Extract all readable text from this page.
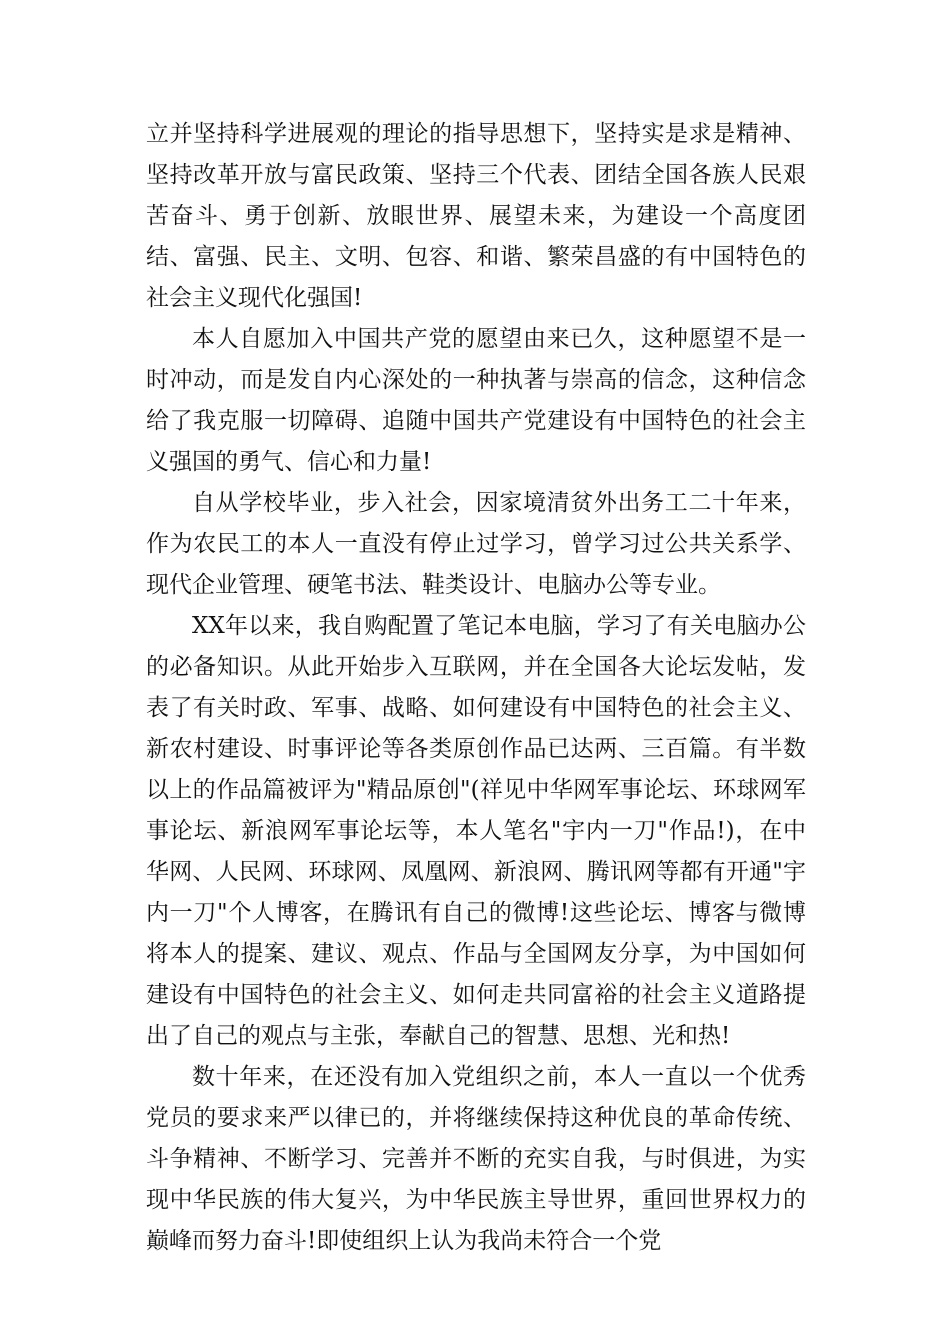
立并坚持科学进展观的理论的指导思想下，坚持实是求是精神、坚持改革开放与富民政策、坚持三个代表、团结全国各族人民艰苦奋斗、勇于创新、放眼世界、展望未来，为建设一个高度团结、富强、民主、文明、包容、和谐、繁荣昌盛的有中国特色的社会主义现代化强国!

本人自愿加入中国共产党的愿望由来已久，这种愿望不是一时冲动，而是发自内心深处的一种执著与崇高的信念，这种信念给了我克服一切障碍、追随中国共产党建设有中国特色的社会主义强国的勇气、信心和力量!

自从学校毕业，步入社会，因家境清贫外出务工二十年来，作为农民工的本人一直没有停止过学习，曾学习过公共关系学、现代企业管理、硬笔书法、鞋类设计、电脑办公等专业。

XX年以来，我自购配置了笔记本电脑，学习了有关电脑办公的必备知识。从此开始步入互联网，并在全国各大论坛发帖，发表了有关时政、军事、战略、如何建设有中国特色的社会主义、新农村建设、时事评论等各类原创作品已达两、三百篇。有半数以上的作品篇被评为"精品原创"(祥见中华网军事论坛、环球网军事论坛、新浪网军事论坛等，本人笔名"宇内一刀"作品!)，在中华网、人民网、环球网、凤凰网、新浪网、腾讯网等都有开通"宇内一刀"个人博客，在腾讯有自己的微博!这些论坛、博客与微博将本人的提案、建议、观点、作品与全国网友分享，为中国如何建设有中国特色的社会主义、如何走共同富裕的社会主义道路提出了自己的观点与主张，奉献自己的智慧、思想、光和热!

数十年来，在还没有加入党组织之前，本人一直以一个优秀党员的要求来严以律已的，并将继续保持这种优良的革命传统、斗争精神、不断学习、完善并不断的充实自我，与时俱进，为实现中华民族的伟大复兴，为中华民族主导世界，重回世界权力的巅峰而努力奋斗!即使组织上认为我尚未符合一个党
